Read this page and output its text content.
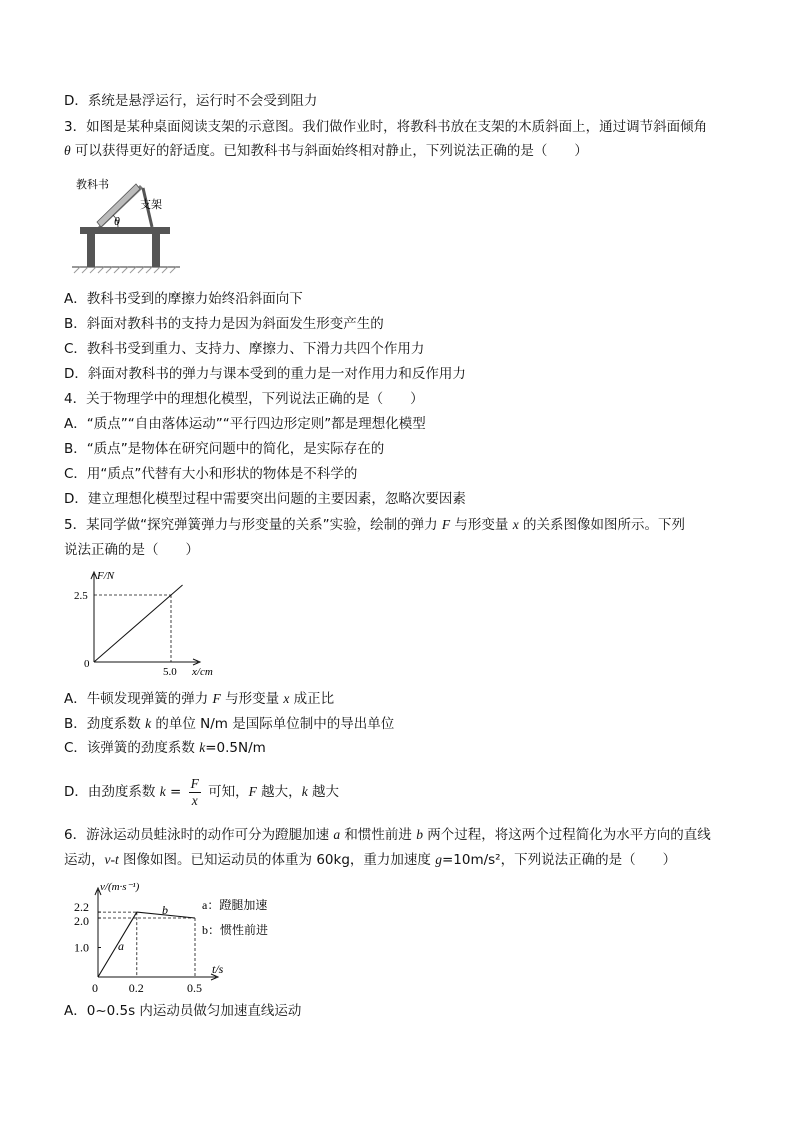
D．系统是悬浮运行，运行时不会受到阻力
3．如图是某种桌面阅读支架的示意图。我们做作业时，将教科书放在支架的木质斜面上，通过调节斜面倾角
θ 可以获得更好的舒适度。已知教科书与斜面始终相对静止，下列说法正确的是（　　）
θ
教科书
支架
A．教科书受到的摩擦力始终沿斜面向下
B．斜面对教科书的支持力是因为斜面发生形变产生的
C．教科书受到重力、支持力、摩擦力、下滑力共四个作用力
D．斜面对教科书的弹力与课本受到的重力是一对作用力和反作用力
4．关于物理学中的理想化模型，下列说法正确的是（　　）
A．“质点”“自由落体运动”“平行四边形定则”都是理想化模型
B．“质点”是物体在研究问题中的简化，是实际存在的
C．用“质点”代替有大小和形状的物体是不科学的
D．建立理想化模型过程中需要突出问题的主要因素，忽略次要因素
5．某同学做“探究弹簧弹力与形变量的关系”实验，绘制的弹力 F 与形变量 x 的关系图像如图所示。下列
说法正确的是（　　）
2.5
5.0
0
F/N
x/cm
A．牛顿发现弹簧的弹力 F 与形变量 x 成正比
B．劲度系数 k 的单位 N/m 是国际单位制中的导出单位
C．该弹簧的劲度系数 k=0.5N/m
D．由劲度系数 $k = \frac{F}{x}$ 可知，F 越大，k 越大
6．游泳运动员蛙泳时的动作可分为蹬腿加速 a 和惯性前进 b 两个过程，将这两个过程简化为水平方向的直线
运动，v-t 图像如图。已知运动员的体重为 60kg，重力加速度 g=10m/s²，下列说法正确的是（　　）
1.0
2.0
2.2
0.2	0.5
0
v/(m·s⁻¹)
t/s
a
b	a：蹬腿加速
b：惯性前进
A．0~0.5s 内运动员做匀加速直线运动
